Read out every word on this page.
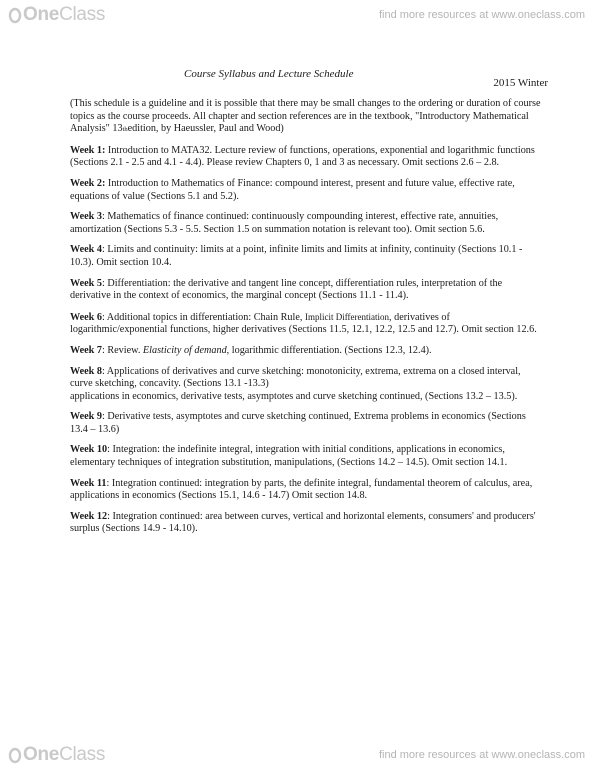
One Class	find more resources at www.oneclass.com
Course Syllabus and Lecture Schedule
2015 Winter

(This schedule is a guideline and it is possible that there may be small changes to the ordering or duration of course topics as the course proceeds. All chapter and section references are in the textbook, "Introductory Mathematical Analysis" 13thedition, by Haeussler, Paul and Wood)

Week 1: Introduction to MATA32. Lecture review of functions, operations, exponential and logarithmic functions (Sections 2.1 - 2.5 and 4.1 - 4.4). Please review Chapters 0, 1 and 3 as necessary. Omit sections 2.6 – 2.8.

Week 2: Introduction to Mathematics of Finance: compound interest, present and future value, effective rate, equations of value (Sections 5.1 and 5.2).

Week 3: Mathematics of finance continued: continuously compounding interest, effective rate, annuities, amortization (Sections 5.3 - 5.5. Section 1.5 on summation notation is relevant too). Omit section 5.6.

Week 4: Limits and continuity: limits at a point, infinite limits and limits at infinity, continuity (Sections 10.1 - 10.3). Omit section 10.4.

Week 5: Differentiation: the derivative and tangent line concept, differentiation rules, interpretation of the derivative in the context of economics, the marginal concept (Sections 11.1 - 11.4).

Week 6: Additional topics in differentiation: Chain Rule, Implicit Differentiation, derivatives of logarithmic/exponential functions, higher derivatives (Sections 11.5, 12.1, 12.2, 12.5 and 12.7). Omit section 12.6.

Week 7: Review. Elasticity of demand, logarithmic differentiation. (Sections 12.3, 12.4).

Week 8: Applications of derivatives and curve sketching: monotonicity, extrema, extrema on a closed interval, curve sketching, concavity. (Sections 13.1 -13.3)
applications in economics, derivative tests, asymptotes and curve sketching continued, (Sections 13.2 – 13.5).

Week 9: Derivative tests, asymptotes and curve sketching continued, Extrema problems in economics (Sections 13.4 – 13.6)

Week 10: Integration: the indefinite integral, integration with initial conditions, applications in economics, elementary techniques of integration substitution, manipulations, (Sections 14.2 – 14.5). Omit section 14.1.

Week 11: Integration continued: integration by parts, the definite integral, fundamental theorem of calculus, area, applications in economics (Sections 15.1, 14.6 - 14.7) Omit section 14.8.

Week 12: Integration continued: area between curves, vertical and horizontal elements, consumers' and producers' surplus (Sections 14.9 - 14.10).

One Class	find more resources at www.oneclass.com
